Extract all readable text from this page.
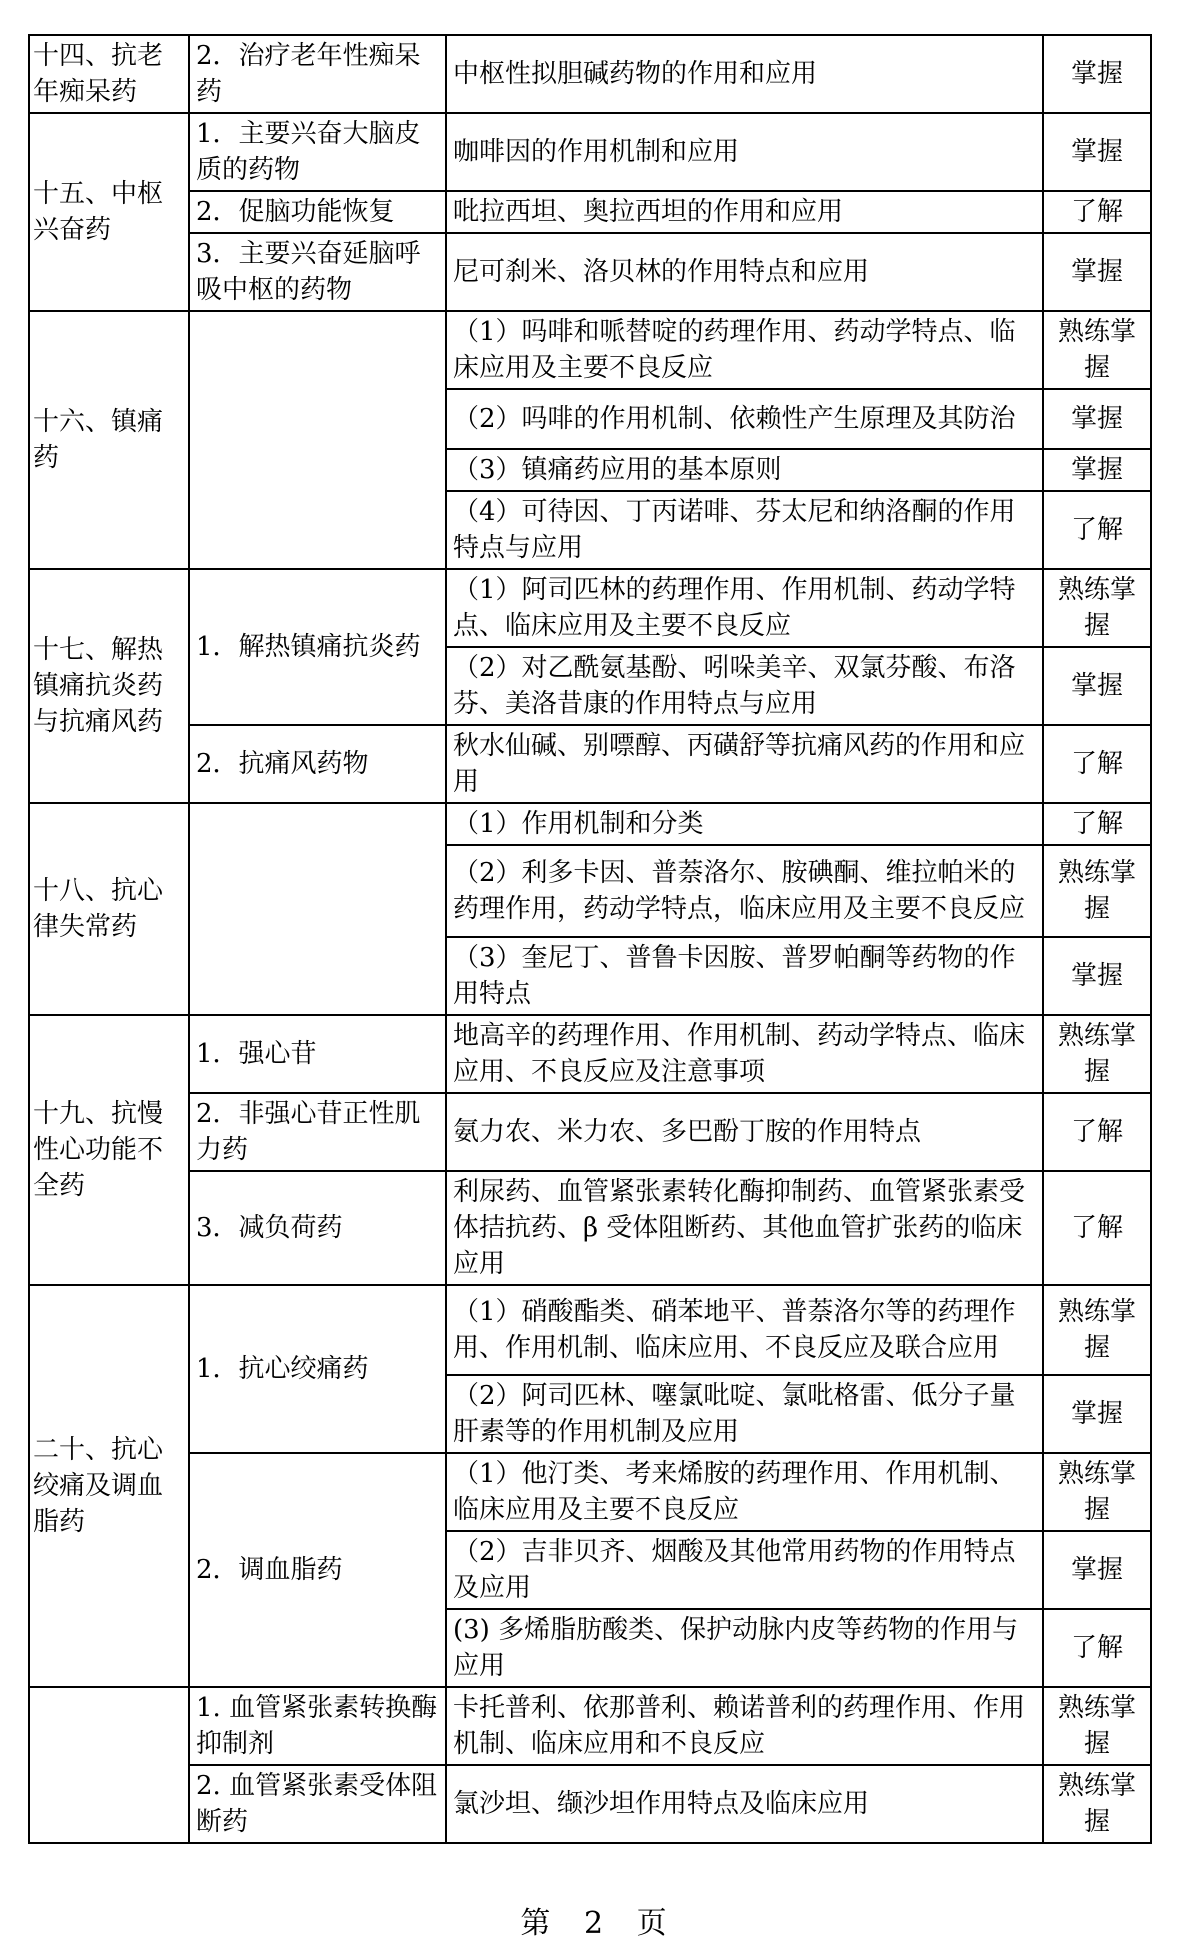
十四、抗老年痴呆药	2．治疗老年性痴呆药	中枢性拟胆碱药物的作用和应用	掌握
十五、中枢兴奋药	1．主要兴奋大脑皮质的药物	咖啡因的作用机制和应用	掌握
	2．促脑功能恢复	吡拉西坦、奥拉西坦的作用和应用	了解
	3．主要兴奋延脑呼吸中枢的药物	尼可刹米、洛贝林的作用特点和应用	掌握
十六、镇痛药		（1）吗啡和哌替啶的药理作用、药动学特点、临床应用及主要不良反应	熟练掌握
		（2）吗啡的作用机制、依赖性产生原理及其防治	掌握
		（3）镇痛药应用的基本原则	掌握
		（4）可待因、丁丙诺啡、芬太尼和纳洛酮的作用特点与应用	了解
十七、解热镇痛抗炎药与抗痛风药	1．解热镇痛抗炎药	（1）阿司匹林的药理作用、作用机制、药动学特点、临床应用及主要不良反应	熟练掌握
		（2）对乙酰氨基酚、吲哚美辛、双氯芬酸、布洛芬、美洛昔康的作用特点与应用	掌握
	2．抗痛风药物	秋水仙碱、别嘌醇、丙磺舒等抗痛风药的作用和应用	了解
十八、抗心律失常药		（1）作用机制和分类	了解
		（2）利多卡因、普萘洛尔、胺碘酮、维拉帕米的药理作用，药动学特点，临床应用及主要不良反应	熟练掌握
		（3）奎尼丁、普鲁卡因胺、普罗帕酮等药物的作用特点	掌握
十九、抗慢性心功能不全药	1．强心苷	地高辛的药理作用、作用机制、药动学特点、临床应用、不良反应及注意事项	熟练掌握
	2．非强心苷正性肌力药	氨力农、米力农、多巴酚丁胺的作用特点	了解
	3．减负荷药	利尿药、血管紧张素转化酶抑制药、血管紧张素受体拮抗药、β 受体阻断药、其他血管扩张药的临床应用	了解
二十、抗心绞痛及调血脂药	1．抗心绞痛药	（1）硝酸酯类、硝苯地平、普萘洛尔等的药理作用、作用机制、临床应用、不良反应及联合应用	熟练掌握
		（2）阿司匹林、噻氯吡啶、氯吡格雷、低分子量肝素等的作用机制及应用	掌握
	2．调血脂药	（1）他汀类、考来烯胺的药理作用、作用机制、临床应用及主要不良反应	熟练掌握
		（2）吉非贝齐、烟酸及其他常用药物的作用特点及应用	掌握
		(3) 多烯脂肪酸类、保护动脉内皮等药物的作用与应用	了解
	1. 血管紧张素转换酶抑制剂	卡托普利、依那普利、赖诺普利的药理作用、作用机制、临床应用和不良反应	熟练掌握
	2. 血管紧张素受体阻断药	氯沙坦、缬沙坦作用特点及临床应用	熟练掌握
第 2 页
